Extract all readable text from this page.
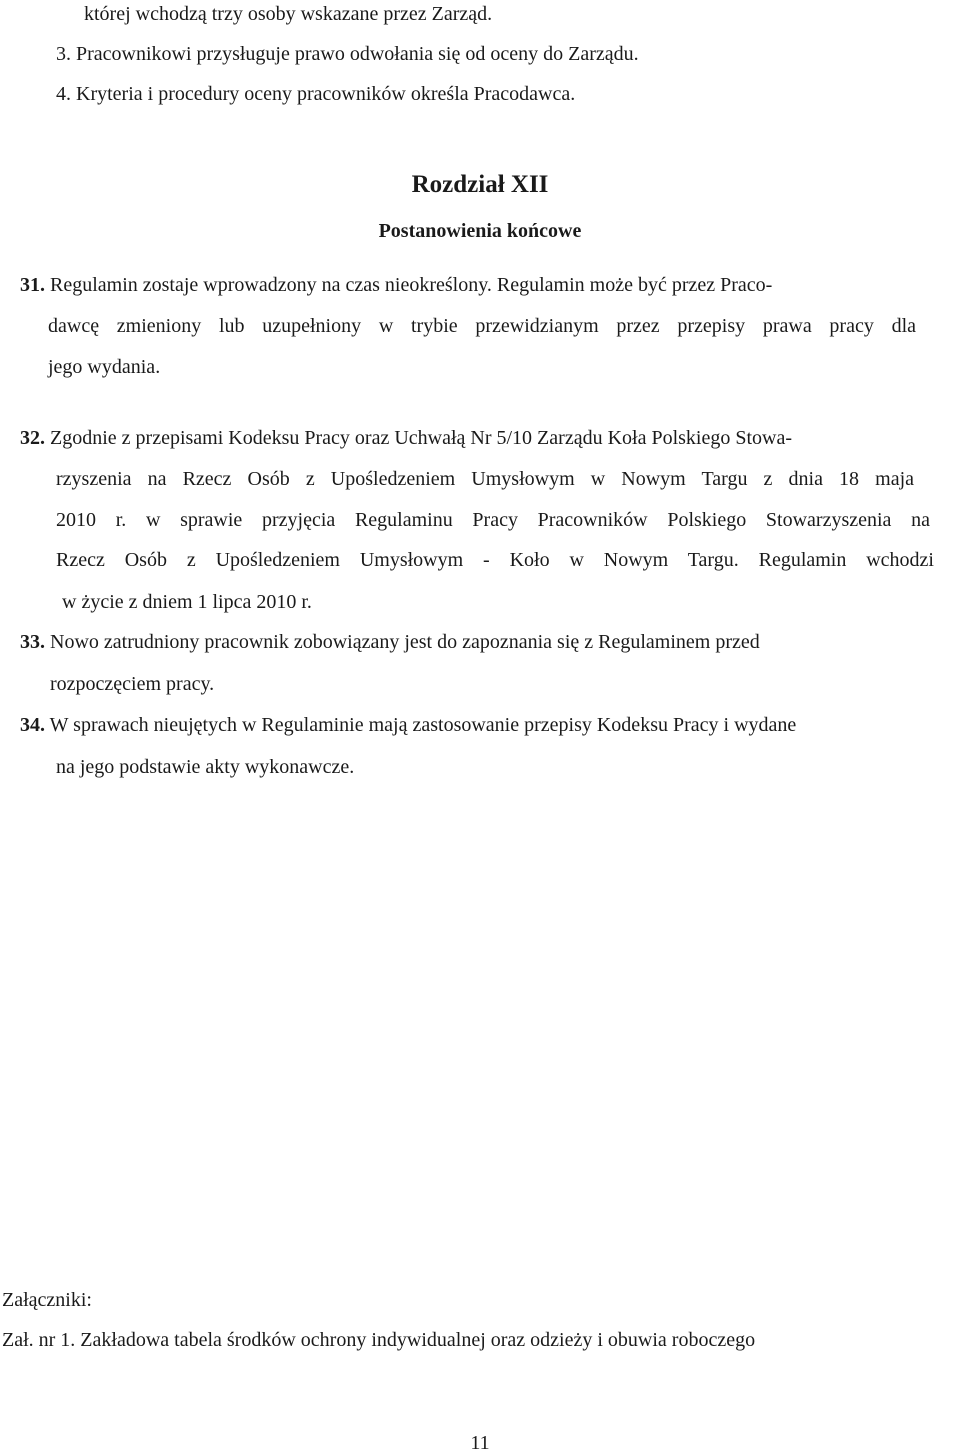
której wchodzą trzy osoby wskazane przez Zarząd.
3. Pracownikowi przysługuje prawo odwołania się od oceny do Zarządu.
4. Kryteria i procedury oceny pracowników określa Pracodawca.
Rozdział XII
Postanowienia końcowe
31. Regulamin zostaje wprowadzony na czas nieokreślony. Regulamin może być przez Praco-
dawcę zmieniony lub uzupełniony w trybie przewidzianym przez przepisy prawa pracy dla
jego wydania.
32. Zgodnie z przepisami Kodeksu Pracy oraz Uchwałą Nr 5/10 Zarządu Koła Polskiego Stowa-
rzyszenia na Rzecz Osób z Upośledzeniem Umysłowym w Nowym Targu z dnia 18 maja
2010 r. w sprawie przyjęcia Regulaminu Pracy Pracowników Polskiego Stowarzyszenia na
Rzecz Osób z Upośledzeniem Umysłowym - Koło w Nowym Targu. Regulamin wchodzi
w życie z dniem 1 lipca 2010 r.
33. Nowo zatrudniony pracownik zobowiązany jest do zapoznania się z Regulaminem przed
rozpoczęciem pracy.
34. W sprawach nieujętych w Regulaminie mają zastosowanie przepisy Kodeksu Pracy i wydane
na jego podstawie akty wykonawcze.
Załączniki:
Zał. nr 1. Zakładowa tabela środków ochrony indywidualnej oraz odzieży i obuwia roboczego
11
